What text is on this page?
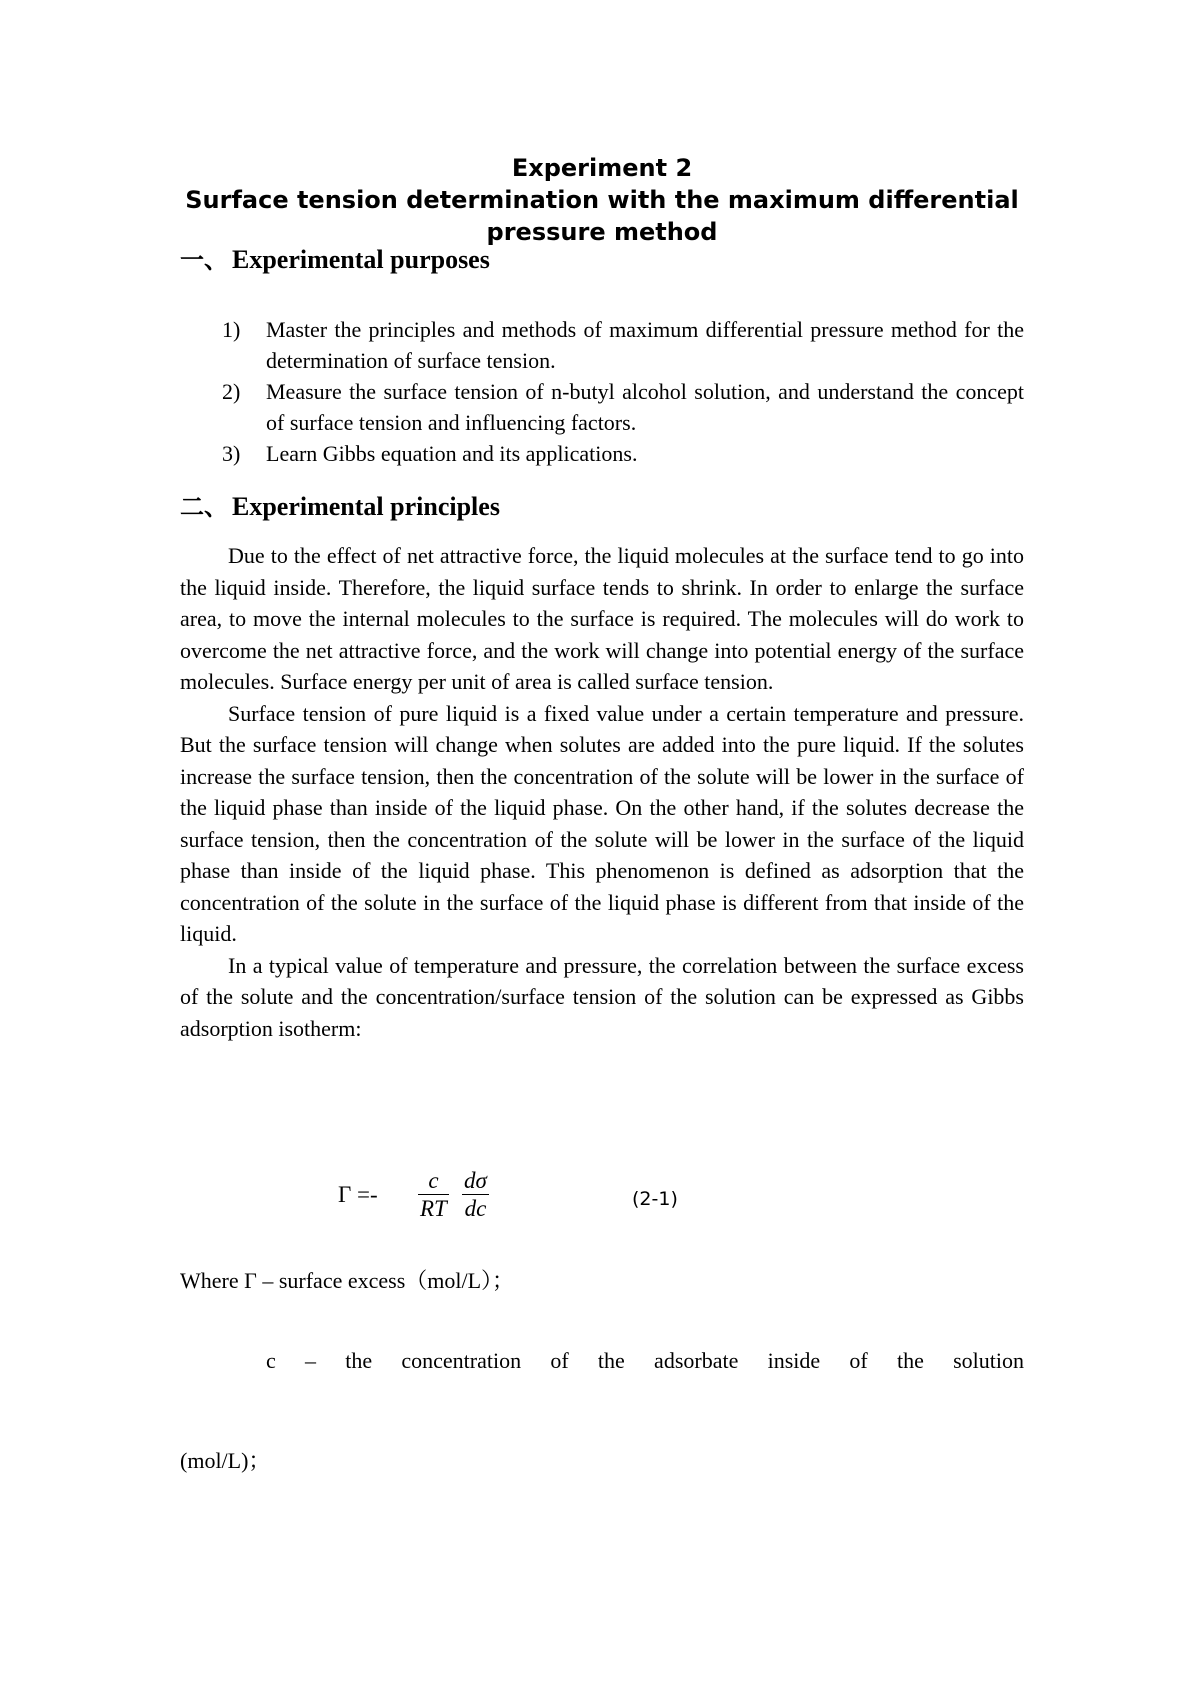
Experiment 2
Surface tension determination with the maximum differential
pressure method
一、 Experimental purposes
1) Master the principles and methods of maximum differential pressure method for the determination of surface tension.
2) Measure the surface tension of n-butyl alcohol solution, and understand the concept of surface tension and influencing factors.
3) Learn Gibbs equation and its applications.
二、 Experimental principles

Due to the effect of net attractive force, the liquid molecules at the surface tend to go into the liquid inside. Therefore, the liquid surface tends to shrink. In order to enlarge the surface area, to move the internal molecules to the surface is required. The molecules will do work to overcome the net attractive force, and the work will change into potential energy of the surface molecules. Surface energy per unit of area is called surface tension.

Surface tension of pure liquid is a fixed value under a certain temperature and pressure. But the surface tension will change when solutes are added into the pure liquid. If the solutes increase the surface tension, then the concentration of the solute will be lower in the surface of the liquid phase than inside of the liquid phase. On the other hand, if the solutes decrease the surface tension, then the concentration of the solute will be lower in the surface of the liquid phase than inside of the liquid phase. This phenomenon is defined as adsorption that the concentration of the solute in the surface of the liquid phase is different from that inside of the liquid.

In a typical value of temperature and pressure, the correlation between the surface excess of the solute and the concentration/surface tension of the solution can be expressed as Gibbs adsorption isotherm:

$\Gamma =- \frac{c}{RT} \frac{d\sigma}{dc}$	(2-1)
Where Γ – surface excess（mol/L）；
c – the concentration of the adsorbate inside of the solution
(mol/L)；
